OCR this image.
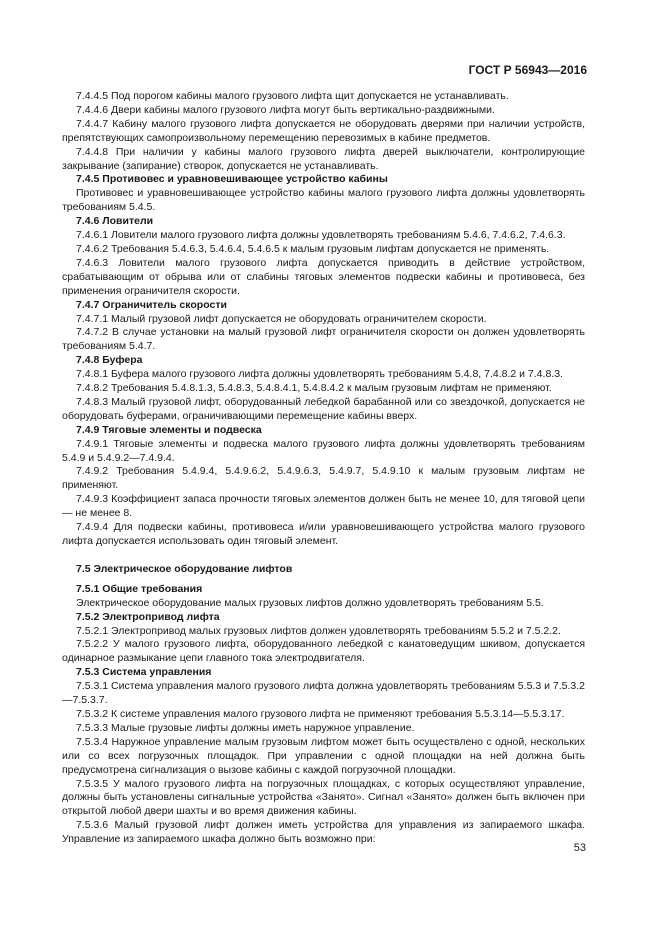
ГОСТ Р 56943—2016

7.4.4.5 Под порогом кабины малого грузового лифта щит допускается не устанавливать.

7.4.4.6 Двери кабины малого грузового лифта могут быть вертикально-раздвижными.

7.4.4.7 Кабину малого грузового лифта допускается не оборудовать дверями при наличии устройств, препятствующих самопроизвольному перемещению перевозимых в кабине предметов.

7.4.4.8 При наличии у кабины малого грузового лифта дверей выключатели, контролирующие закрывание (запирание) створок, допускается не устанавливать.

7.4.5 Противовес и уравновешивающее устройство кабины

Противовес и уравновешивающее устройство кабины малого грузового лифта должны удовлетворять требованиям 5.4.5.

7.4.6 Ловители

7.4.6.1 Ловители малого грузового лифта должны удовлетворять требованиям 5.4.6, 7.4.6.2, 7.4.6.3.

7.4.6.2 Требования 5.4.6.3, 5.4.6.4, 5.4.6.5 к малым грузовым лифтам допускается не применять.

7.4.6.3 Ловители малого грузового лифта допускается приводить в действие устройством, срабатывающим от обрыва или от слабины тяговых элементов подвески кабины и противовеса, без применения ограничителя скорости.

7.4.7 Ограничитель скорости

7.4.7.1 Малый грузовой лифт допускается не оборудовать ограничителем скорости.

7.4.7.2 В случае установки на малый грузовой лифт ограничителя скорости он должен удовлетворять требованиям 5.4.7.

7.4.8 Буфера

7.4.8.1 Буфера малого грузового лифта должны удовлетворять требованиям 5.4.8, 7.4.8.2 и 7.4.8.3.

7.4.8.2 Требования 5.4.8.1.3, 5.4.8.3, 5.4.8.4.1, 5.4.8.4.2 к малым грузовым лифтам не применяют.

7.4.8.3 Малый грузовой лифт, оборудованный лебедкой барабанной или со звездочкой, допускается не оборудовать буферами, ограничивающими перемещение кабины вверх.

7.4.9 Тяговые элементы и подвеска

7.4.9.1 Тяговые элементы и подвеска малого грузового лифта должны удовлетворять требованиям 5.4.9 и 5.4.9.2—7.4.9.4.

7.4.9.2 Требования 5.4.9.4, 5.4.9.6.2, 5.4.9.6.3, 5.4.9.7, 5.4.9.10 к малым грузовым лифтам не применяют.

7.4.9.3 Коэффициент запаса прочности тяговых элементов должен быть не менее 10, для тяговой цепи — не менее 8.

7.4.9.4 Для подвески кабины, противовеса и/или уравновешивающего устройства малого грузового лифта допускается использовать один тяговый элемент.

7.5 Электрическое оборудование лифтов

7.5.1 Общие требования

Электрическое оборудование малых грузовых лифтов должно удовлетворять требованиям 5.5.

7.5.2 Электропривод лифта

7.5.2.1 Электропривод малых грузовых лифтов должен удовлетворять требованиям 5.5.2 и 7.5.2.2.

7.5.2.2 У малого грузового лифта, оборудованного лебедкой с канатоведущим шкивом, допускается одинарное размыкание цепи главного тока электродвигателя.

7.5.3 Система управления

7.5.3.1 Система управления малого грузового лифта должна удовлетворять требованиям 5.5.3 и 7.5.3.2—7.5.3.7.

7.5.3.2 К системе управления малого грузового лифта не применяют требования 5.5.3.14—5.5.3.17.

7.5.3.3 Малые грузовые лифты должны иметь наружное управление.

7.5.3.4 Наружное управление малым грузовым лифтом может быть осуществлено с одной, нескольких или со всех погрузочных площадок. При управлении с одной площадки на ней должна быть предусмотрена сигнализация о вызове кабины с каждой погрузочной площадки.

7.5.3.5 У малого грузового лифта на погрузочных площадках, с которых осуществляют управление, должны быть установлены сигнальные устройства «Занято». Сигнал «Занято» должен быть включен при открытой любой двери шахты и во время движения кабины.

7.5.3.6 Малый грузовой лифт должен иметь устройства для управления из запираемого шкафа. Управление из запираемого шкафа должно быть возможно при:

53
